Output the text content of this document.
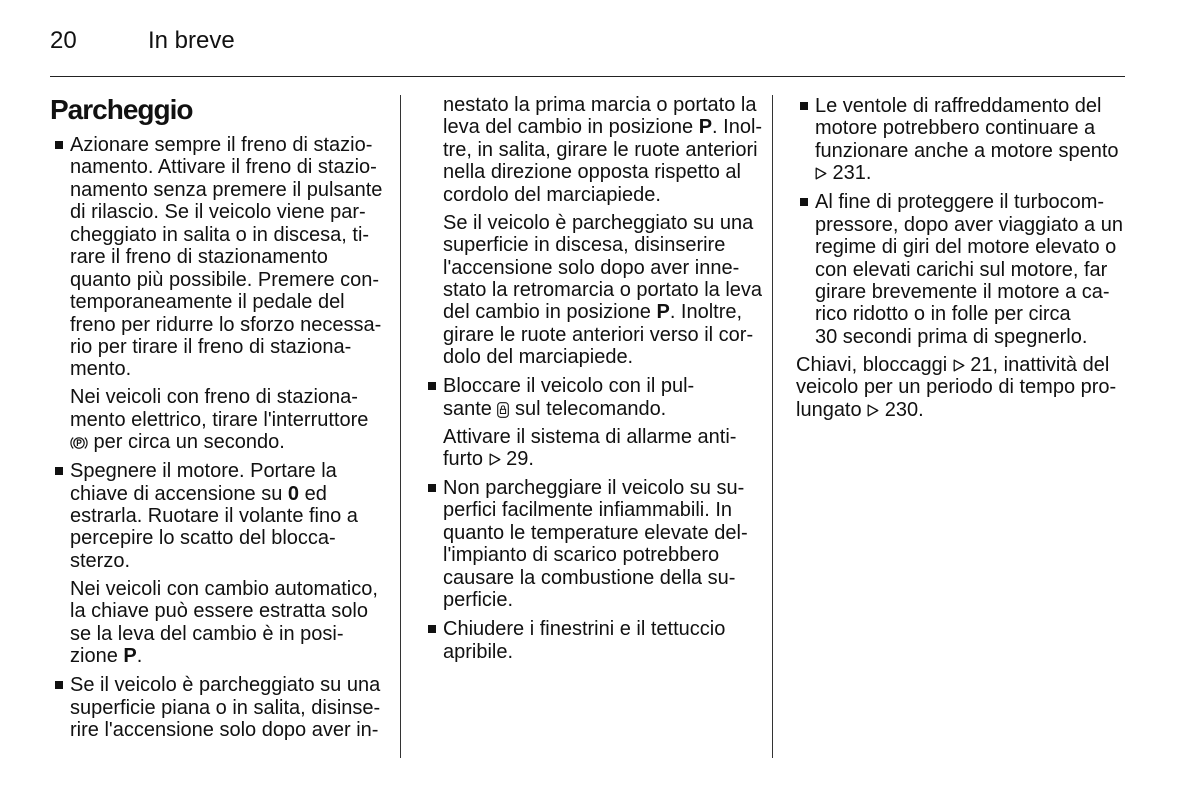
20	In breve
Parcheggio
Azionare sempre il freno di stazio-
namento. Attivare il freno di stazio-
namento senza premere il pulsante
di rilascio. Se il veicolo viene par-
cheggiato in salita o in discesa, ti-
rare il freno di stazionamento
quanto più possibile. Premere con-
temporaneamente il pedale del
freno per ridurre lo sforzo necessa-
rio per tirare il freno di staziona-
mento.
Nei veicoli con freno di staziona-
mento elettrico, tirare l'interruttore
per circa un secondo.
Spegnere il motore. Portare la
chiave di accensione su 0 ed
estrarla. Ruotare il volante fino a
percepire lo scatto del blocca-
sterzo.
Nei veicoli con cambio automatico,
la chiave può essere estratta solo
se la leva del cambio è in posi-
zione P.
Se il veicolo è parcheggiato su una
superficie piana o in salita, disinse-
rire l'accensione solo dopo aver in-
nestato la prima marcia o portato la
leva del cambio in posizione P. Inol-
tre, in salita, girare le ruote anteriori
nella direzione opposta rispetto al
cordolo del marciapiede.
Se il veicolo è parcheggiato su una
superficie in discesa, disinserire
l'accensione solo dopo aver inne-
stato la retromarcia o portato la leva
del cambio in posizione P. Inoltre,
girare le ruote anteriori verso il cor-
dolo del marciapiede.
Bloccare il veicolo con il pul-
sante
sul telecomando.
Attivare il sistema di allarme anti-
furto
29.
Non parcheggiare il veicolo su su-
perfici facilmente infiammabili. In
quanto le temperature elevate del-
l'impianto di scarico potrebbero
causare la combustione della su-
perficie.
Chiudere i finestrini e il tettuccio
apribile.
Le ventole di raffreddamento del
motore potrebbero continuare a
funzionare anche a motore spento
231.
Al fine di proteggere il turbocom-
pressore, dopo aver viaggiato a un
regime di giri del motore elevato o
con elevati carichi sul motore, far
girare brevemente il motore a ca-
rico ridotto o in folle per circa
30 secondi prima di spegnerlo.
Chiavi, bloccaggi
21, inattività del
veicolo per un periodo di tempo pro-
lungato
230.
